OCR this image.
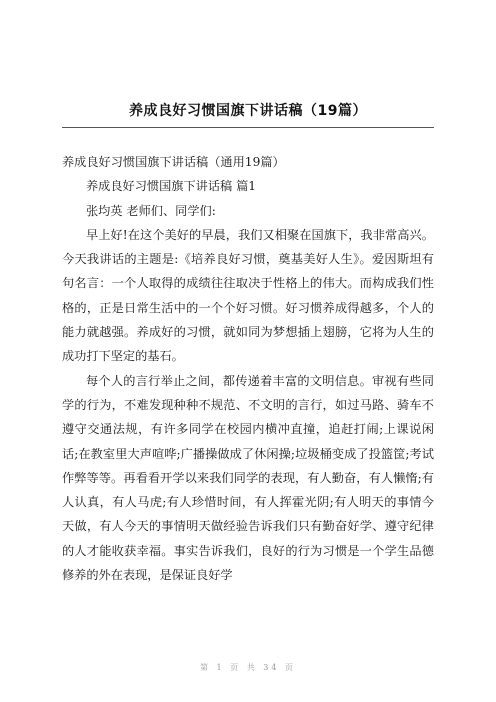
养成良好习惯国旗下讲话稿（19篇）

养成良好习惯国旗下讲话稿（通用19篇）

养成良好习惯国旗下讲话稿 篇1

张均英 老师们、同学们:

早上好!在这个美好的早晨，我们又相聚在国旗下，我非常高兴。今天我讲话的主题是:《培养良好习惯，奠基美好人生》。爱因斯坦有句名言：一个人取得的成绩往往取决于性格上的伟大。而构成我们性格的，正是日常生活中的一个个好习惯。好习惯养成得越多，个人的能力就越强。养成好的习惯，就如同为梦想插上翅膀，它将为人生的成功打下坚定的基石。

每个人的言行举止之间，都传递着丰富的文明信息。审视有些同学的行为，不难发现种种不规范、不文明的言行，如过马路、骑车不遵守交通法规，有许多同学在校园内横冲直撞，追赶打闹;上课说闲话;在教室里大声喧哗;广播操做成了休闲操;垃圾桶变成了投篮筐;考试作弊等等。再看看开学以来我们同学的表现，有人勤奋，有人懒惰;有人认真，有人马虎;有人珍惜时间，有人挥霍光阴;有人明天的事情今天做，有人今天的事情明天做经验告诉我们只有勤奋好学、遵守纪律的人才能收获幸福。事实告诉我们，良好的行为习惯是一个学生品德修养的外在表现，是保证良好学

第 1 页 共 34 页
